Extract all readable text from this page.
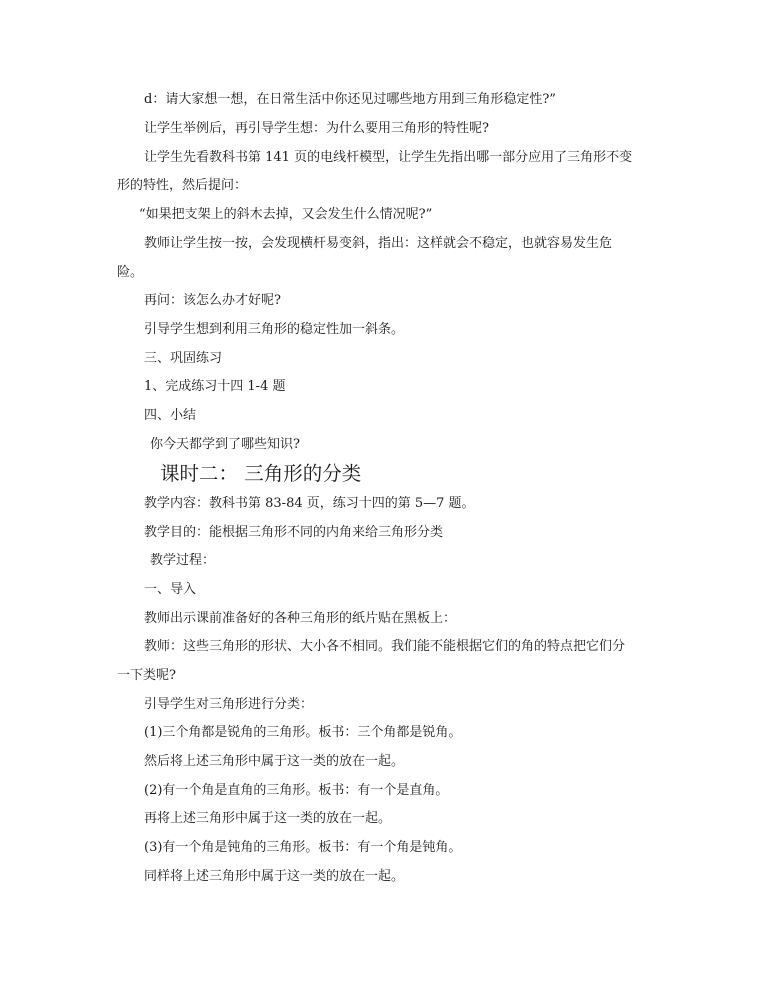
d：请大家想一想，在日常生活中你还见过哪些地方用到三角形稳定性?”
让学生举例后，再引导学生想：为什么要用三角形的特性呢?
让学生先看教科书第 141 页的电线杆模型，让学生先指出哪一部分应用了三角形不变
形的特性，然后提问：
“如果把支架上的斜木去掉，又会发生什么情况呢?”
教师让学生按一按，会发现横杆易变斜，指出：这样就会不稳定，也就容易发生危
险。
再问：该怎么办才好呢?
引导学生想到利用三角形的稳定性加一斜条。
三、巩固练习
1、完成练习十四 1-4 题
四、小结
你今天都学到了哪些知识?
课时二： 三角形的分类
教学内容：教科书第 83-84 页，练习十四的第 5—7 题。
教学目的：能根据三角形不同的内角来给三角形分类
教学过程：
一、导入
教师出示课前准备好的各种三角形的纸片贴在黑板上：
教师：这些三角形的形状、大小各不相同。我们能不能根据它们的角的特点把它们分
一下类呢?
引导学生对三角形进行分类：
(1)三个角都是锐角的三角形。板书：三个角都是锐角。
然后将上述三角形中属于这一类的放在一起。
(2)有一个角是直角的三角形。板书：有一个是直角。
再将上述三角形中属于这一类的放在一起。
(3)有一个角是钝角的三角形。板书：有一个角是钝角。
同样将上述三角形中属于这一类的放在一起。
